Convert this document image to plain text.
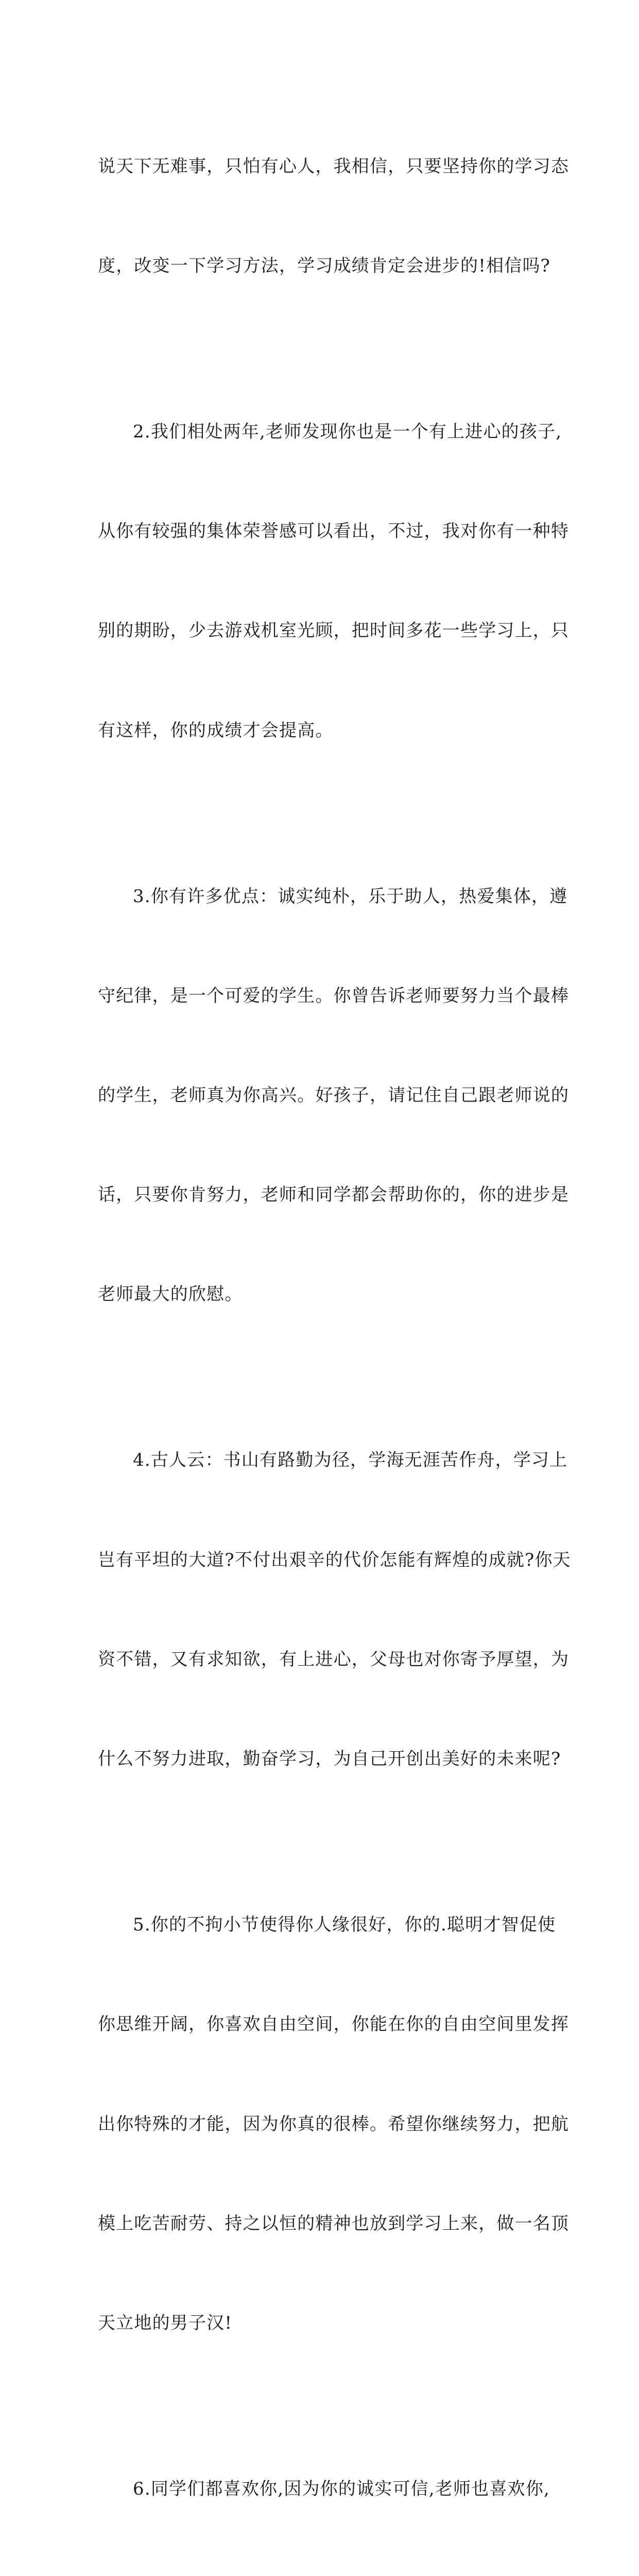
说天下无难事，只怕有心人，我相信，只要坚持你的学习态

度，改变一下学习方法，学习成绩肯定会进步的!相信吗?

2.我们相处两年,老师发现你也是一个有上进心的孩子,

从你有较强的集体荣誉感可以看出，不过，我对你有一种特

别的期盼，少去游戏机室光顾，把时间多花一些学习上，只

有这样，你的成绩才会提高。

3.你有许多优点：诚实纯朴，乐于助人，热爱集体，遵

守纪律，是一个可爱的学生。你曾告诉老师要努力当个最棒

的学生，老师真为你高兴。好孩子，请记住自己跟老师说的

话，只要你肯努力，老师和同学都会帮助你的，你的进步是

老师最大的欣慰。

4.古人云：书山有路勤为径，学海无涯苦作舟，学习上

岂有平坦的大道?不付出艰辛的代价怎能有辉煌的成就?你天

资不错，又有求知欲，有上进心，父母也对你寄予厚望，为

什么不努力进取，勤奋学习，为自己开创出美好的未来呢?

5.你的不拘小节使得你人缘很好，你的.聪明才智促使

你思维开阔，你喜欢自由空间，你能在你的自由空间里发挥

出你特殊的才能，因为你真的很棒。希望你继续努力，把航

模上吃苦耐劳、持之以恒的精神也放到学习上来，做一名顶

天立地的男子汉!

6.同学们都喜欢你,因为你的诚实可信,老师也喜欢你,
